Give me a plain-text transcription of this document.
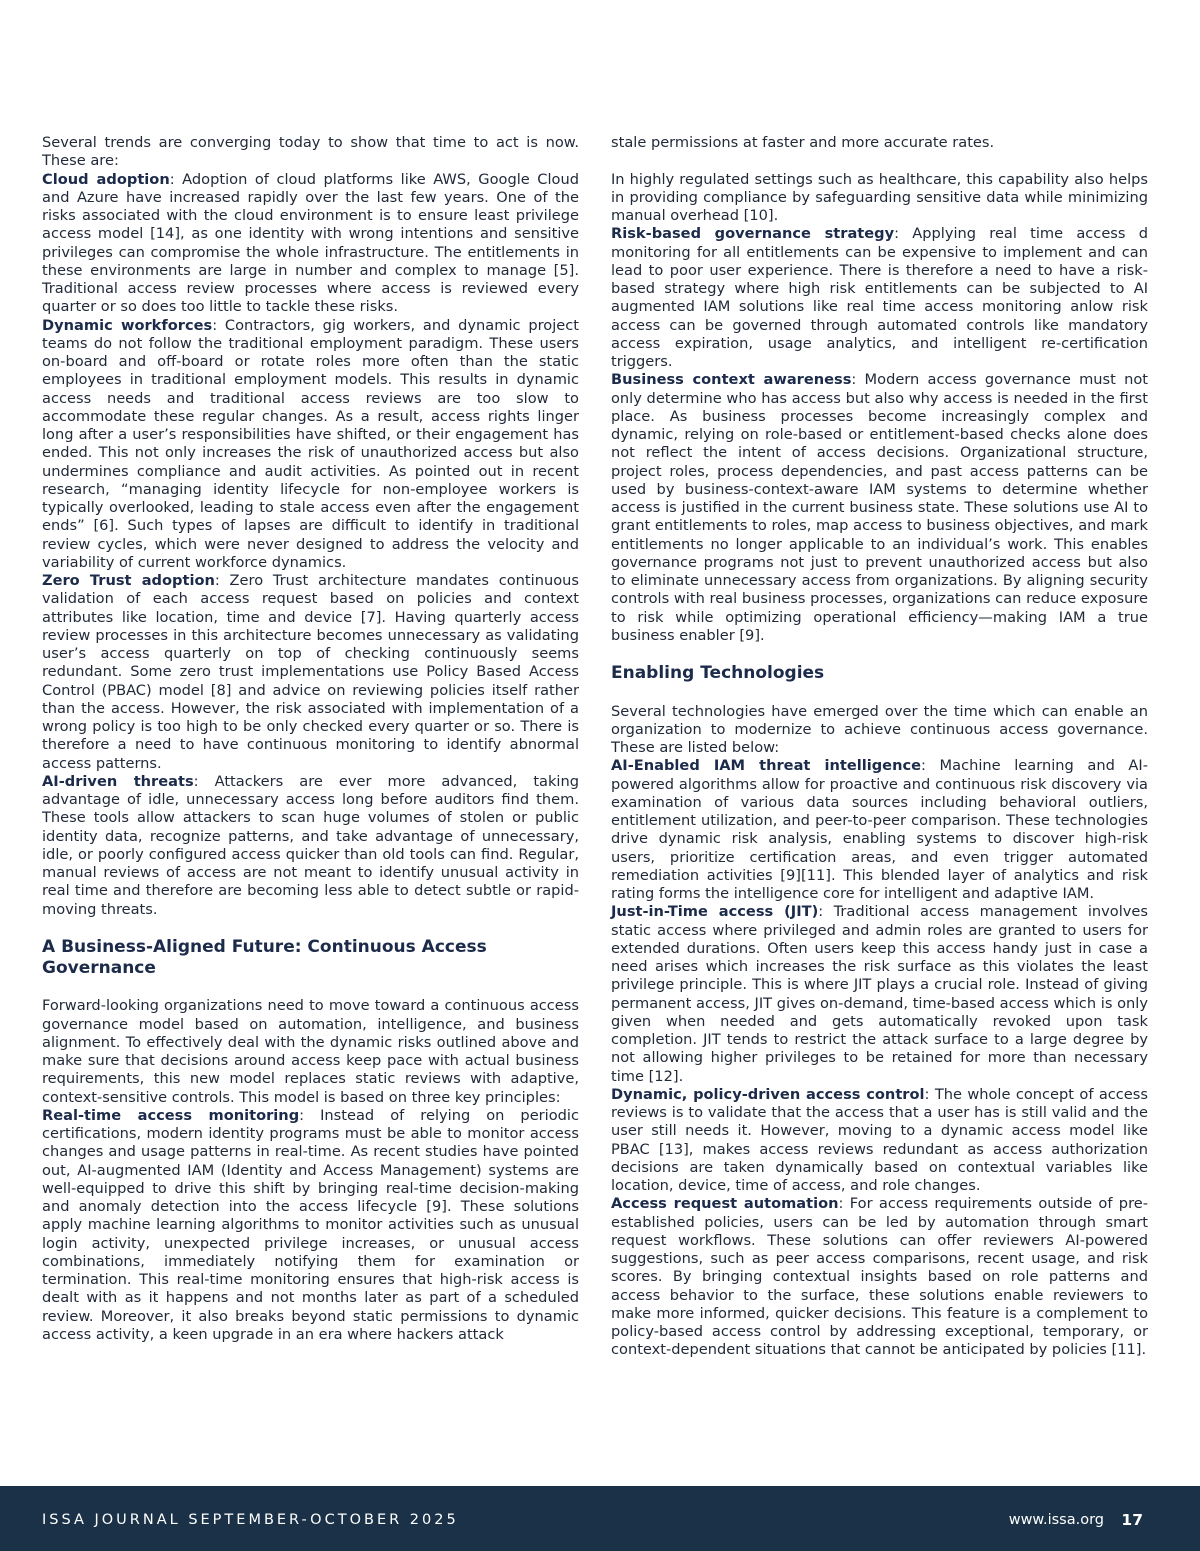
Several trends are converging today to show that time to act is now. These are:

Cloud adoption: Adoption of cloud platforms like AWS, Google Cloud and Azure have increased rapidly over the last few years. One of the risks associated with the cloud environment is to ensure least privilege access model [14], as one identity with wrong intentions and sensitive privileges can compromise the whole infrastructure. The entitlements in these environments are large in number and complex to manage [5]. Traditional access review processes where access is reviewed every quarter or so does too little to tackle these risks.

Dynamic workforces: Contractors, gig workers, and dynamic project teams do not follow the traditional employment paradigm. These users on-board and off-board or rotate roles more often than the static employees in traditional employment models. This results in dynamic access needs and traditional access reviews are too slow to accommodate these regular changes. As a result, access rights linger long after a user’s responsibilities have shifted, or their engagement has ended. This not only increases the risk of unauthorized access but also undermines compliance and audit activities. As pointed out in recent research, “managing identity lifecycle for non-employee workers is typically overlooked, leading to stale access even after the engagement ends” [6]. Such types of lapses are difficult to identify in traditional review cycles, which were never designed to address the velocity and variability of current workforce dynamics.

Zero Trust adoption: Zero Trust architecture mandates continuous validation of each access request based on policies and context attributes like location, time and device [7]. Having quarterly access review processes in this architecture becomes unnecessary as validating user’s access quarterly on top of checking continuously seems redundant. Some zero trust implementations use Policy Based Access Control (PBAC) model [8] and advice on reviewing policies itself rather than the access. However, the risk associated with implementation of a wrong policy is too high to be only checked every quarter or so. There is therefore a need to have continuous monitoring to identify abnormal access patterns.

AI-driven threats: Attackers are ever more advanced, taking advantage of idle, unnecessary access long before auditors find them. These tools allow attackers to scan huge volumes of stolen or public identity data, recognize patterns, and take advantage of unnecessary, idle, or poorly configured access quicker than old tools can find. Regular, manual reviews of access are not meant to identify unusual activity in real time and therefore are becoming less able to detect subtle or rapid-moving threats.

A Business-Aligned Future: Continuous Access Governance

Forward-looking organizations need to move toward a continuous access governance model based on automation, intelligence, and business alignment. To effectively deal with the dynamic risks outlined above and make sure that decisions around access keep pace with actual business requirements, this new model replaces static reviews with adaptive, context-sensitive controls. This model is based on three key principles:

Real-time access monitoring: Instead of relying on periodic certifications, modern identity programs must be able to monitor access changes and usage patterns in real-time. As recent studies have pointed out, AI-augmented IAM (Identity and Access Management) systems are well-equipped to drive this shift by bringing real-time decision-making and anomaly detection into the access lifecycle [9]. These solutions apply machine learning algorithms to monitor activities such as unusual login activity, unexpected privilege increases, or unusual access combinations, immediately notifying them for examination or termination. This real-time monitoring ensures that high-risk access is dealt with as it happens and not months later as part of a scheduled review. Moreover, it also breaks beyond static permissions to dynamic access activity, a keen upgrade in an era where hackers attack

stale permissions at faster and more accurate rates.

In highly regulated settings such as healthcare, this capability also helps in providing compliance by safeguarding sensitive data while minimizing manual overhead [10].

Risk-based governance strategy: Applying real time access d monitoring for all entitlements can be expensive to implement and can lead to poor user experience. There is therefore a need to have a risk-based strategy where high risk entitlements can be subjected to AI augmented IAM solutions like real time access monitoring anlow risk access can be governed through automated controls like mandatory access expiration, usage analytics, and intelligent re-certification triggers.

Business context awareness: Modern access governance must not only determine who has access but also why access is needed in the first place. As business processes become increasingly complex and dynamic, relying on role-based or entitlement-based checks alone does not reflect the intent of access decisions. Organizational structure, project roles, process dependencies, and past access patterns can be used by business-context-aware IAM systems to determine whether access is justified in the current business state. These solutions use AI to grant entitlements to roles, map access to business objectives, and mark entitlements no longer applicable to an individual’s work. This enables governance programs not just to prevent unauthorized access but also to eliminate unnecessary access from organizations. By aligning security controls with real business processes, organizations can reduce exposure to risk while optimizing operational efficiency—making IAM a true business enabler [9].

Enabling Technologies

Several technologies have emerged over the time which can enable an organization to modernize to achieve continuous access governance. These are listed below:

AI-Enabled IAM threat intelligence: Machine learning and AI-powered algorithms allow for proactive and continuous risk discovery via examination of various data sources including behavioral outliers, entitlement utilization, and peer-to-peer comparison. These technologies drive dynamic risk analysis, enabling systems to discover high-risk users, prioritize certification areas, and even trigger automated remediation activities [9][11]. This blended layer of analytics and risk rating forms the intelligence core for intelligent and adaptive IAM.

Just-in-Time access (JIT): Traditional access management involves static access where privileged and admin roles are granted to users for extended durations. Often users keep this access handy just in case a need arises which increases the risk surface as this violates the least privilege principle. This is where JIT plays a crucial role. Instead of giving permanent access, JIT gives on-demand, time-based access which is only given when needed and gets automatically revoked upon task completion. JIT tends to restrict the attack surface to a large degree by not allowing higher privileges to be retained for more than necessary time [12].

Dynamic, policy-driven access control: The whole concept of access reviews is to validate that the access that a user has is still valid and the user still needs it. However, moving to a dynamic access model like PBAC [13], makes access reviews redundant as access authorization decisions are taken dynamically based on contextual variables like location, device, time of access, and role changes.

Access request automation: For access requirements outside of pre-established policies, users can be led by automation through smart request workflows. These solutions can offer reviewers AI-powered suggestions, such as peer access comparisons, recent usage, and risk scores. By bringing contextual insights based on role patterns and access behavior to the surface, these solutions enable reviewers to make more informed, quicker decisions. This feature is a complement to policy-based access control by addressing exceptional, temporary, or context-dependent situations that cannot be anticipated by policies [11].

ISSA JOURNAL SEPTEMBER-OCTOBER 2025	www.issa.org 17
